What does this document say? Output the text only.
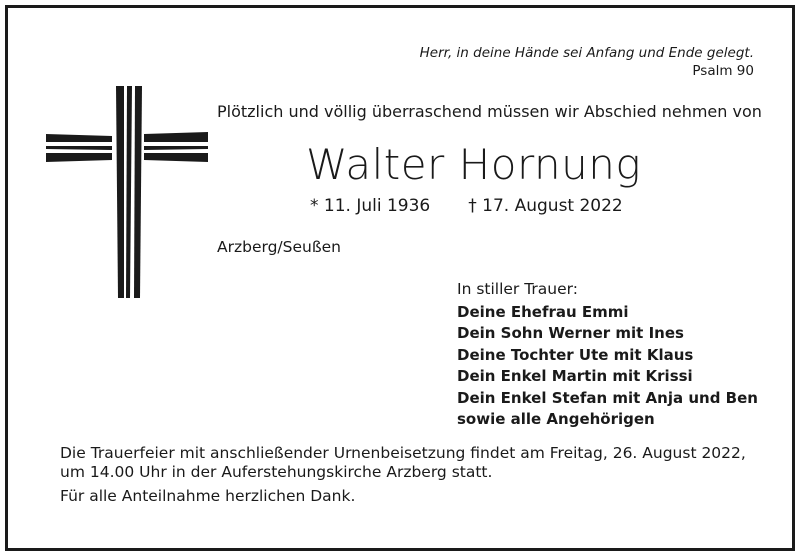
Herr, in deine Hände sei Anfang und Ende gelegt.
Psalm 90
Plötzlich und völlig überraschend müssen wir Abschied nehmen von
Walter Hornung
* 11. Juli 1936 † 17. August 2022
Arzberg/Seußen
In stiller Trauer:
Deine Ehefrau Emmi
Dein Sohn Werner mit Ines
Deine Tochter Ute mit Klaus
Dein Enkel Martin mit Krissi
Dein Enkel Stefan mit Anja und Ben
sowie alle Angehörigen
Die Trauerfeier mit anschließender Urnenbeisetzung findet am Freitag, 26. August 2022,
um 14.00 Uhr in der Auferstehungskirche Arzberg statt.
Für alle Anteilnahme herzlichen Dank.
